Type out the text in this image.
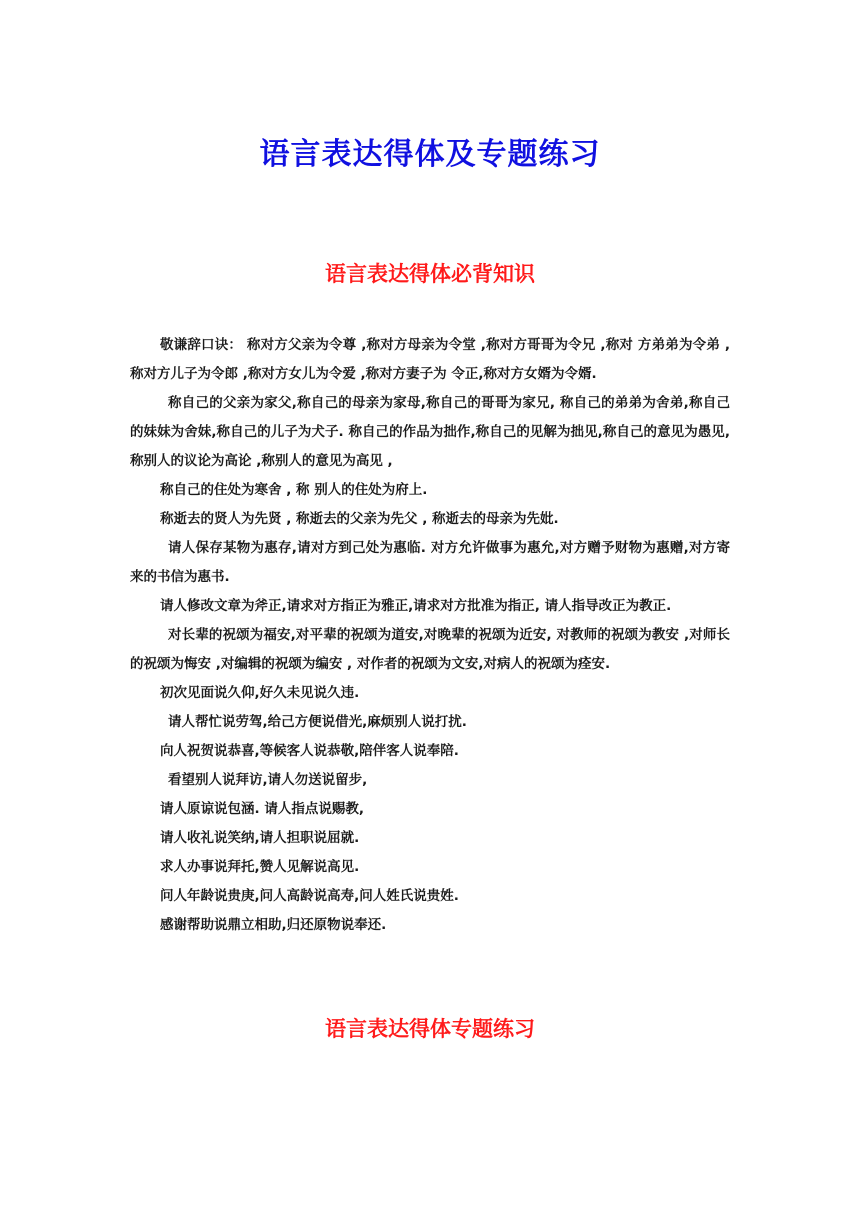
语言表达得体及专题练习
语言表达得体必背知识

敬谦辞口诀： 称对方父亲为令尊 ,称对方母亲为令堂 ,称对方哥哥为令兄 ,称对 方弟弟为令弟 ,称对方儿子为令郎 ,称对方女儿为令爱 ,称对方妻子为 令正,称对方女婿为令婿.

称自己的父亲为家父,称自己的母亲为家母,称自己的哥哥为家兄, 称自己的弟弟为舍弟,称自己的妹妹为舍妹,称自己的儿子为犬子. 称自己的作品为拙作,称自己的见解为拙见,称自己的意见为愚见, 称别人的议论为高论 ,称别人的意见为高见 ,

称自己的住处为寒舍 , 称 别人的住处为府上.

称逝去的贤人为先贤 , 称逝去的父亲为先父 , 称逝去的母亲为先妣.

请人保存某物为惠存,请对方到己处为惠临. 对方允许做事为惠允,对方赠予财物为惠赠,对方寄来的书信为惠书.

请人修改文章为斧正,请求对方指正为雅正,请求对方批准为指正, 请人指导改正为教正.

对长辈的祝颂为福安,对平辈的祝颂为道安,对晚辈的祝颂为近安, 对教师的祝颂为教安 ,对师长的祝颂为悔安 ,对编辑的祝颂为编安 , 对作者的祝颂为文安,对病人的祝颂为痊安.

初次见面说久仰,好久未见说久违.

请人帮忙说劳驾,给己方便说借光,麻烦别人说打扰.

向人祝贺说恭喜,等候客人说恭敬,陪伴客人说奉陪.

看望别人说拜访,请人勿送说留步,

请人原谅说包涵. 请人指点说赐教,

请人收礼说笑纳,请人担职说屈就.

求人办事说拜托,赞人见解说高见.

问人年龄说贵庚,问人高龄说高寿,问人姓氏说贵姓.

感谢帮助说鼎立相助,归还原物说奉还.

语言表达得体专题练习
